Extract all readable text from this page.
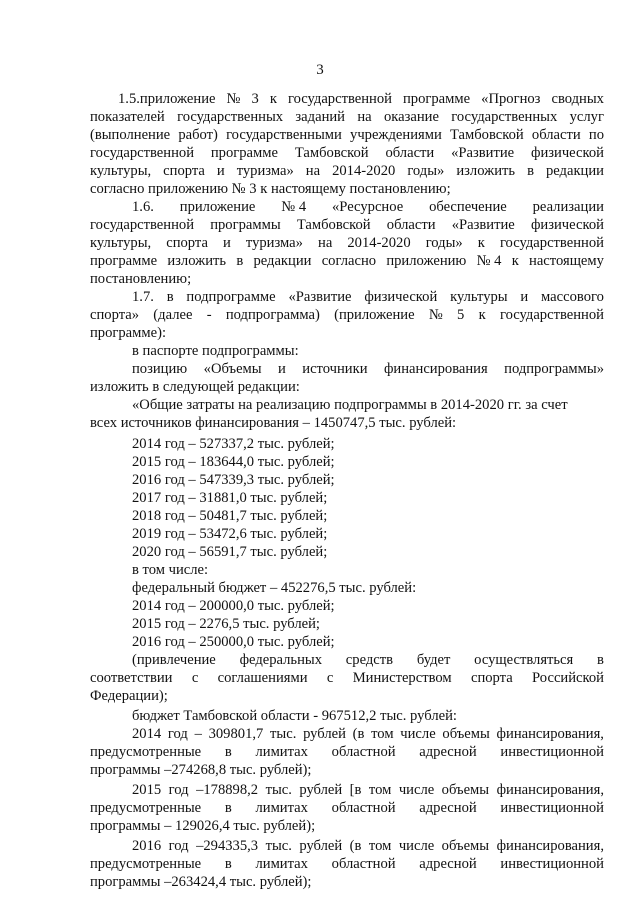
3
1.5.приложение № 3 к государственной программе «Прогноз сводных
показателей государственных заданий на оказание государственных услуг
(выполнение работ) государственными учреждениями Тамбовской области по
государственной программе Тамбовской области «Развитие физической
культуры, спорта и туризма» на 2014-2020 годы» изложить в редакции
согласно приложению № 3 к настоящему постановлению;
1.6. приложение № 4 «Ресурсное обеспечение реализации
государственной программы Тамбовской области «Развитие физической
культуры, спорта и туризма» на 2014-2020 годы» к государственной
программе изложить в редакции согласно приложению № 4 к настоящему
постановлению;
1.7. в подпрограмме «Развитие физической культуры и массового
спорта» (далее - подпрограмма) (приложение № 5 к государственной
программе):
в паспорте подпрограммы:
позицию «Объемы и источники финансирования подпрограммы»
изложить в следующей редакции:
«Общие затраты на реализацию подпрограммы в 2014-2020 гг. за счет
всех источников финансирования – 1450747,5 тыс. рублей:
2014 год – 527337,2 тыс. рублей;
2015 год – 183644,0 тыс. рублей;
2016 год – 547339,3 тыс. рублей;
2017 год – 31881,0 тыс. рублей;
2018 год – 50481,7 тыс. рублей;
2019 год – 53472,6 тыс. рублей;
2020 год – 56591,7 тыс. рублей;
в том числе:
федеральный бюджет – 452276,5 тыс. рублей:
2014 год – 200000,0 тыс. рублей;
2015 год – 2276,5 тыс. рублей;
2016 год – 250000,0 тыс. рублей;
(привлечение федеральных средств будет осуществляться в
соответствии с соглашениями с Министерством спорта Российской
Федерации);
бюджет Тамбовской области - 967512,2 тыс. рублей:
2014 год – 309801,7 тыс. рублей (в том числе объемы финансирования,
предусмотренные в лимитах областной адресной инвестиционной
программы –274268,8 тыс. рублей);
2015 год –178898,2 тыс. рублей [в том числе объемы финансирования,
предусмотренные в лимитах областной адресной инвестиционной
программы – 129026,4 тыс. рублей);
2016 год –294335,3 тыс. рублей (в том числе объемы финансирования,
предусмотренные в лимитах областной адресной инвестиционной
программы –263424,4 тыс. рублей);
